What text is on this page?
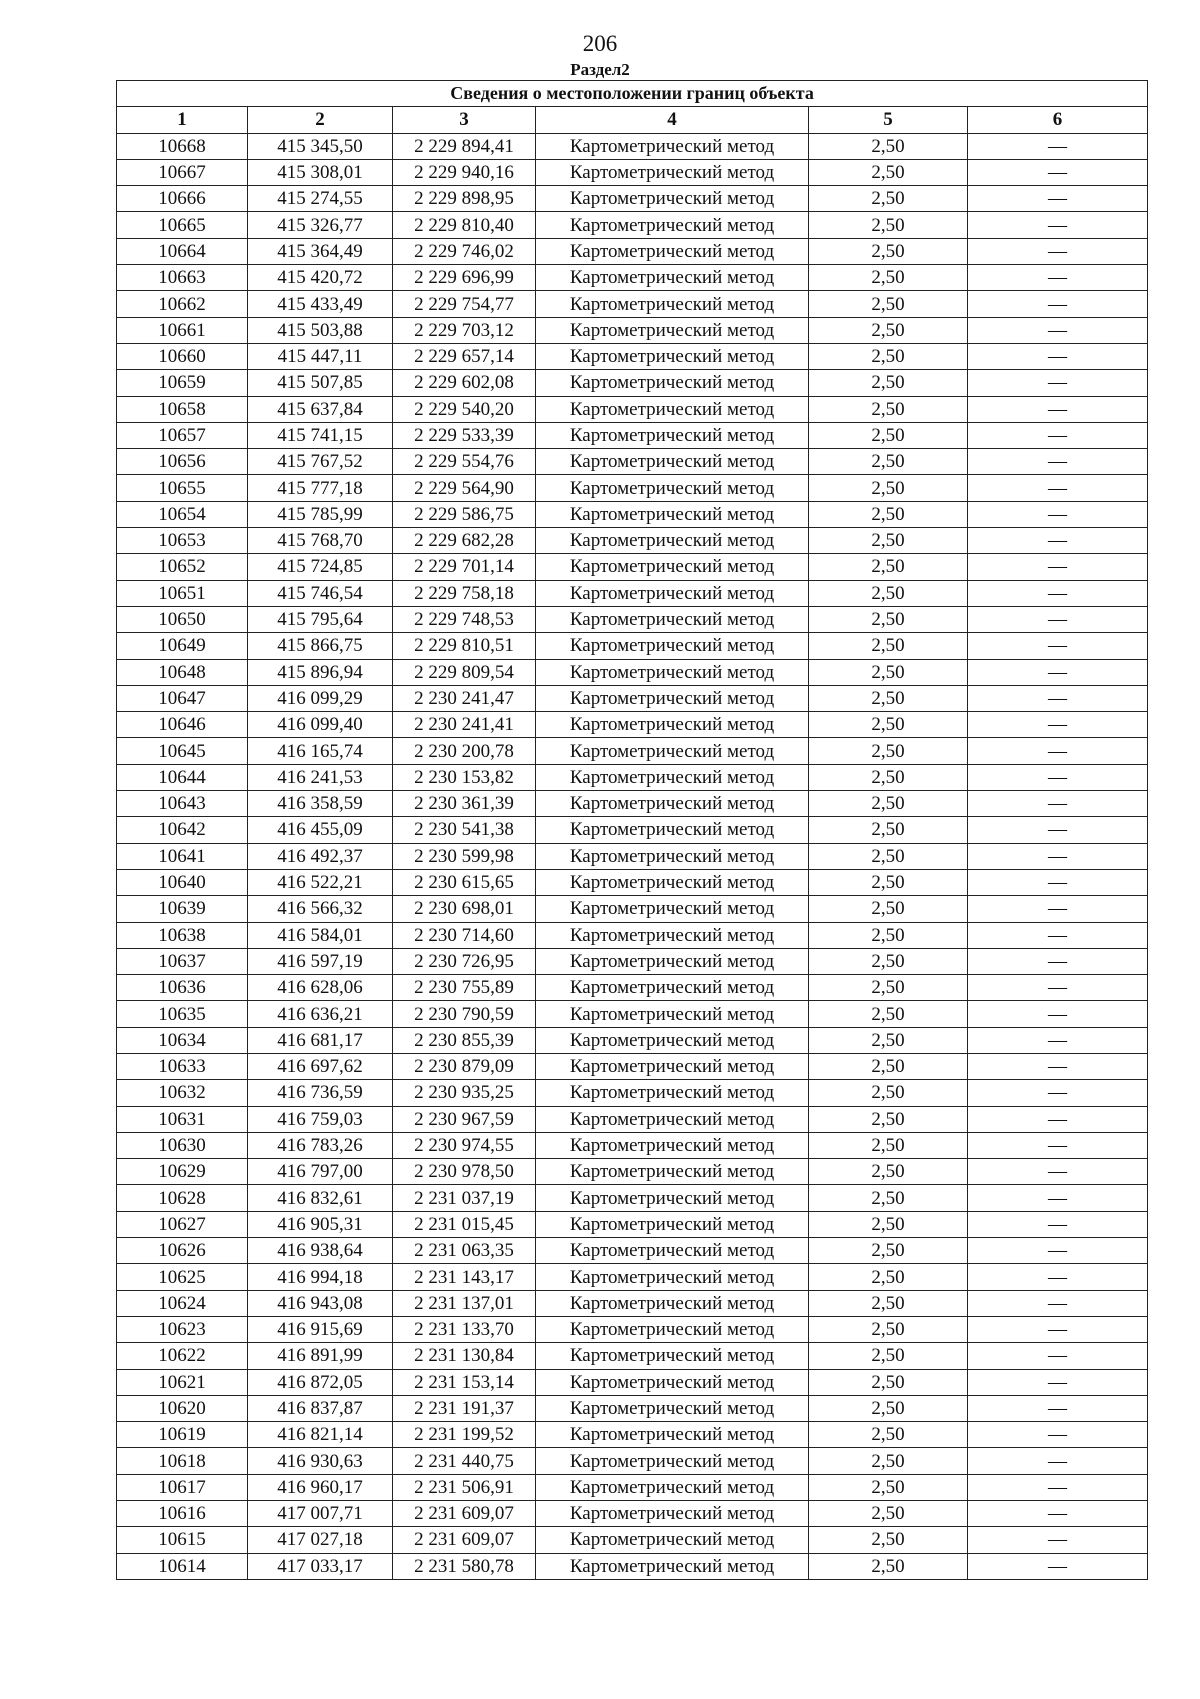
206
Раздел2
Сведения о местоположении границ объекта					
1	2	3	4	5	6
10668	415 345,50	2 229 894,41	Картометрический метод	2,50	—
10667	415 308,01	2 229 940,16	Картометрический метод	2,50	—
10666	415 274,55	2 229 898,95	Картометрический метод	2,50	—
10665	415 326,77	2 229 810,40	Картометрический метод	2,50	—
10664	415 364,49	2 229 746,02	Картометрический метод	2,50	—
10663	415 420,72	2 229 696,99	Картометрический метод	2,50	—
10662	415 433,49	2 229 754,77	Картометрический метод	2,50	—
10661	415 503,88	2 229 703,12	Картометрический метод	2,50	—
10660	415 447,11	2 229 657,14	Картометрический метод	2,50	—
10659	415 507,85	2 229 602,08	Картометрический метод	2,50	—
10658	415 637,84	2 229 540,20	Картометрический метод	2,50	—
10657	415 741,15	2 229 533,39	Картометрический метод	2,50	—
10656	415 767,52	2 229 554,76	Картометрический метод	2,50	—
10655	415 777,18	2 229 564,90	Картометрический метод	2,50	—
10654	415 785,99	2 229 586,75	Картометрический метод	2,50	—
10653	415 768,70	2 229 682,28	Картометрический метод	2,50	—
10652	415 724,85	2 229 701,14	Картометрический метод	2,50	—
10651	415 746,54	2 229 758,18	Картометрический метод	2,50	—
10650	415 795,64	2 229 748,53	Картометрический метод	2,50	—
10649	415 866,75	2 229 810,51	Картометрический метод	2,50	—
10648	415 896,94	2 229 809,54	Картометрический метод	2,50	—
10647	416 099,29	2 230 241,47	Картометрический метод	2,50	—
10646	416 099,40	2 230 241,41	Картометрический метод	2,50	—
10645	416 165,74	2 230 200,78	Картометрический метод	2,50	—
10644	416 241,53	2 230 153,82	Картометрический метод	2,50	—
10643	416 358,59	2 230 361,39	Картометрический метод	2,50	—
10642	416 455,09	2 230 541,38	Картометрический метод	2,50	—
10641	416 492,37	2 230 599,98	Картометрический метод	2,50	—
10640	416 522,21	2 230 615,65	Картометрический метод	2,50	—
10639	416 566,32	2 230 698,01	Картометрический метод	2,50	—
10638	416 584,01	2 230 714,60	Картометрический метод	2,50	—
10637	416 597,19	2 230 726,95	Картометрический метод	2,50	—
10636	416 628,06	2 230 755,89	Картометрический метод	2,50	—
10635	416 636,21	2 230 790,59	Картометрический метод	2,50	—
10634	416 681,17	2 230 855,39	Картометрический метод	2,50	—
10633	416 697,62	2 230 879,09	Картометрический метод	2,50	—
10632	416 736,59	2 230 935,25	Картометрический метод	2,50	—
10631	416 759,03	2 230 967,59	Картометрический метод	2,50	—
10630	416 783,26	2 230 974,55	Картометрический метод	2,50	—
10629	416 797,00	2 230 978,50	Картометрический метод	2,50	—
10628	416 832,61	2 231 037,19	Картометрический метод	2,50	—
10627	416 905,31	2 231 015,45	Картометрический метод	2,50	—
10626	416 938,64	2 231 063,35	Картометрический метод	2,50	—
10625	416 994,18	2 231 143,17	Картометрический метод	2,50	—
10624	416 943,08	2 231 137,01	Картометрический метод	2,50	—
10623	416 915,69	2 231 133,70	Картометрический метод	2,50	—
10622	416 891,99	2 231 130,84	Картометрический метод	2,50	—
10621	416 872,05	2 231 153,14	Картометрический метод	2,50	—
10620	416 837,87	2 231 191,37	Картометрический метод	2,50	—
10619	416 821,14	2 231 199,52	Картометрический метод	2,50	—
10618	416 930,63	2 231 440,75	Картометрический метод	2,50	—
10617	416 960,17	2 231 506,91	Картометрический метод	2,50	—
10616	417 007,71	2 231 609,07	Картометрический метод	2,50	—
10615	417 027,18	2 231 609,07	Картометрический метод	2,50	—
10614	417 033,17	2 231 580,78	Картометрический метод	2,50	—
